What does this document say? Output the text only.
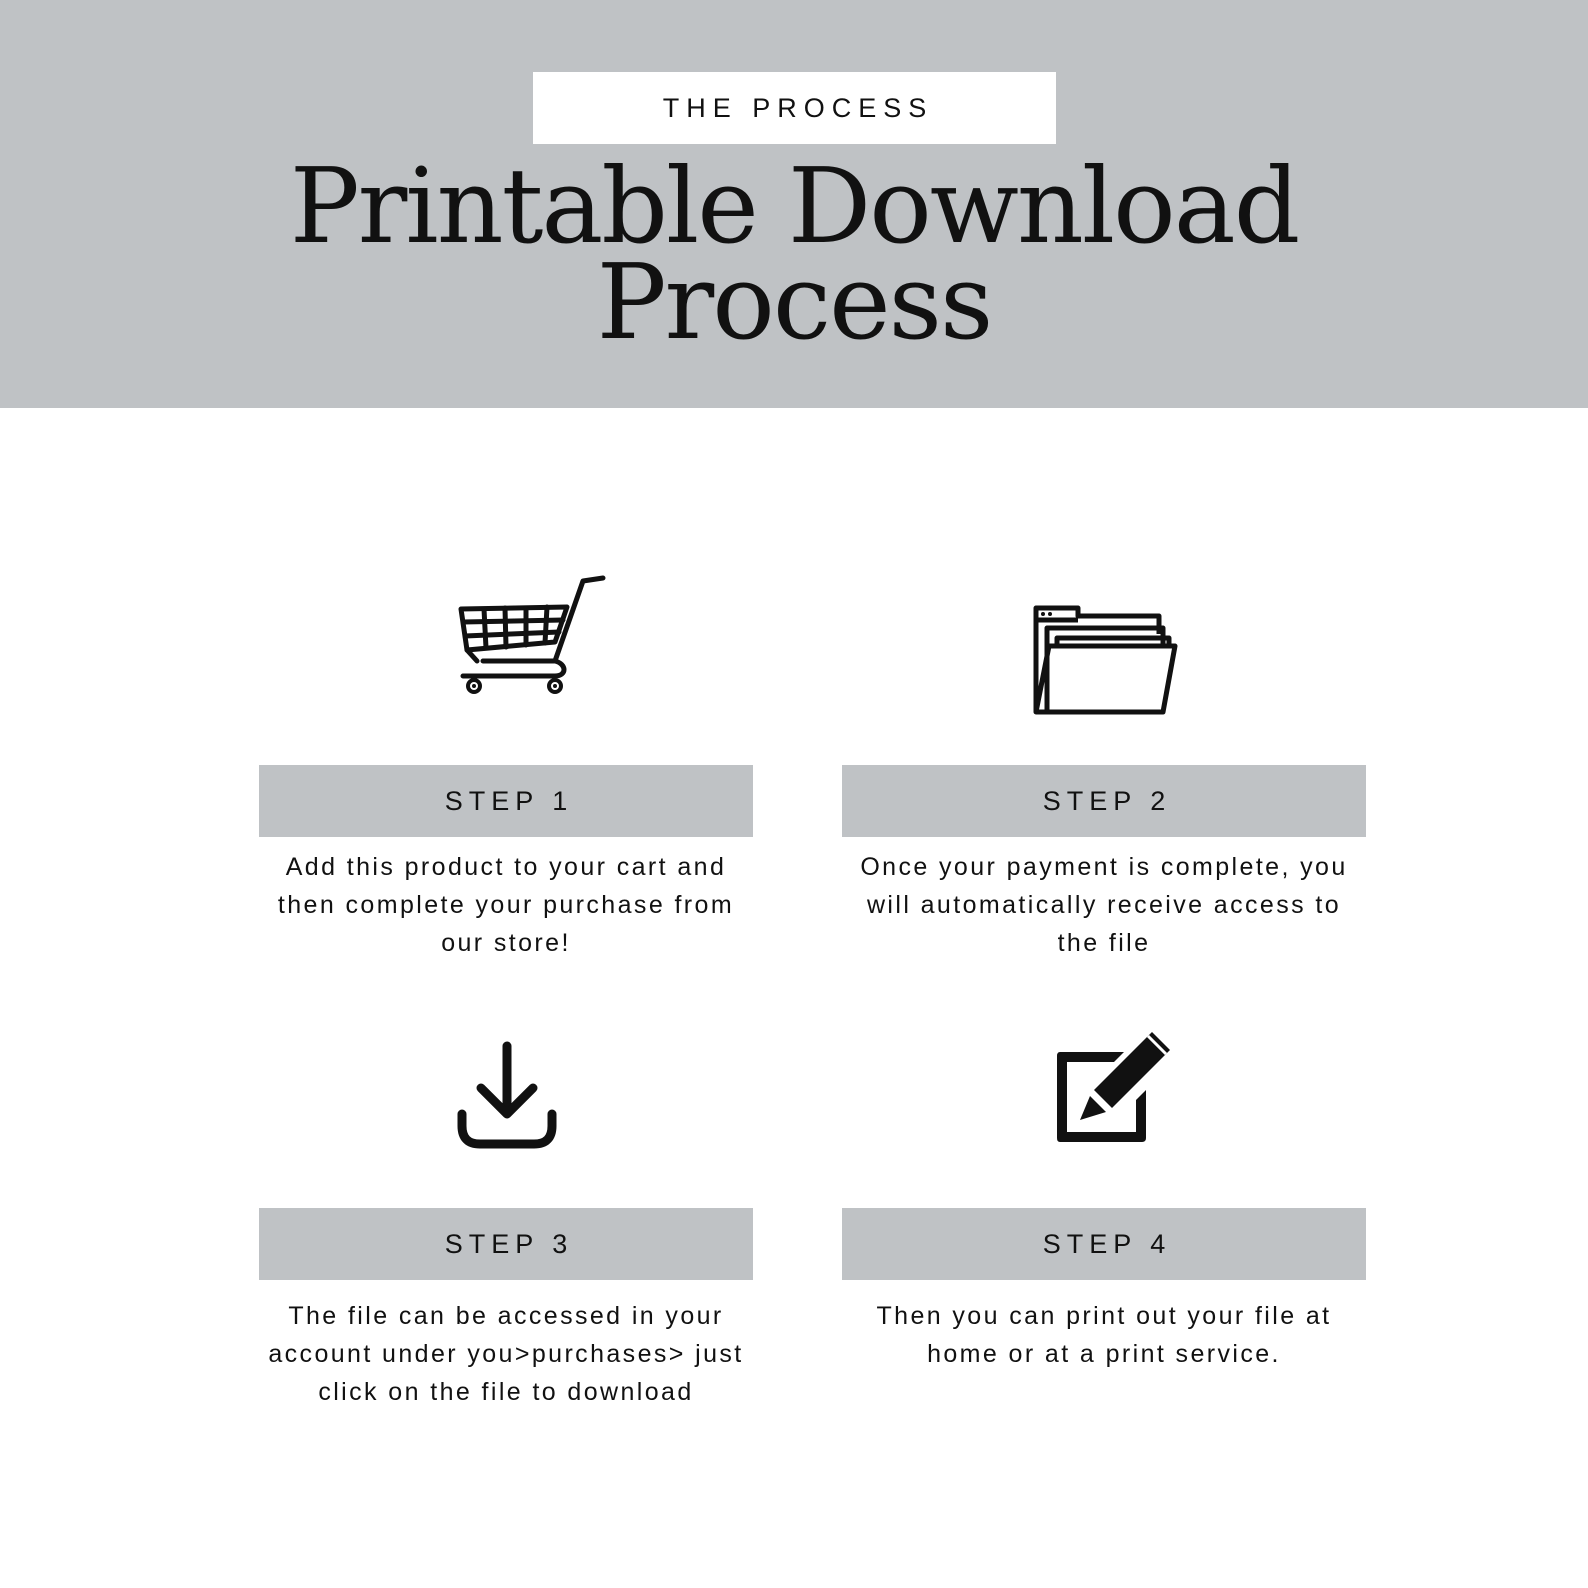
THE PROCESS
Printable Download
Process
STEP 1
Add this product to your cart and then complete your purchase from our store!
STEP 2
Once your payment is complete, you will automatically receive access to the file
STEP 3
The file can be accessed in your account under you>purchases> just click on the file to download
STEP 4
Then you can print out your file at home or at a print service.
